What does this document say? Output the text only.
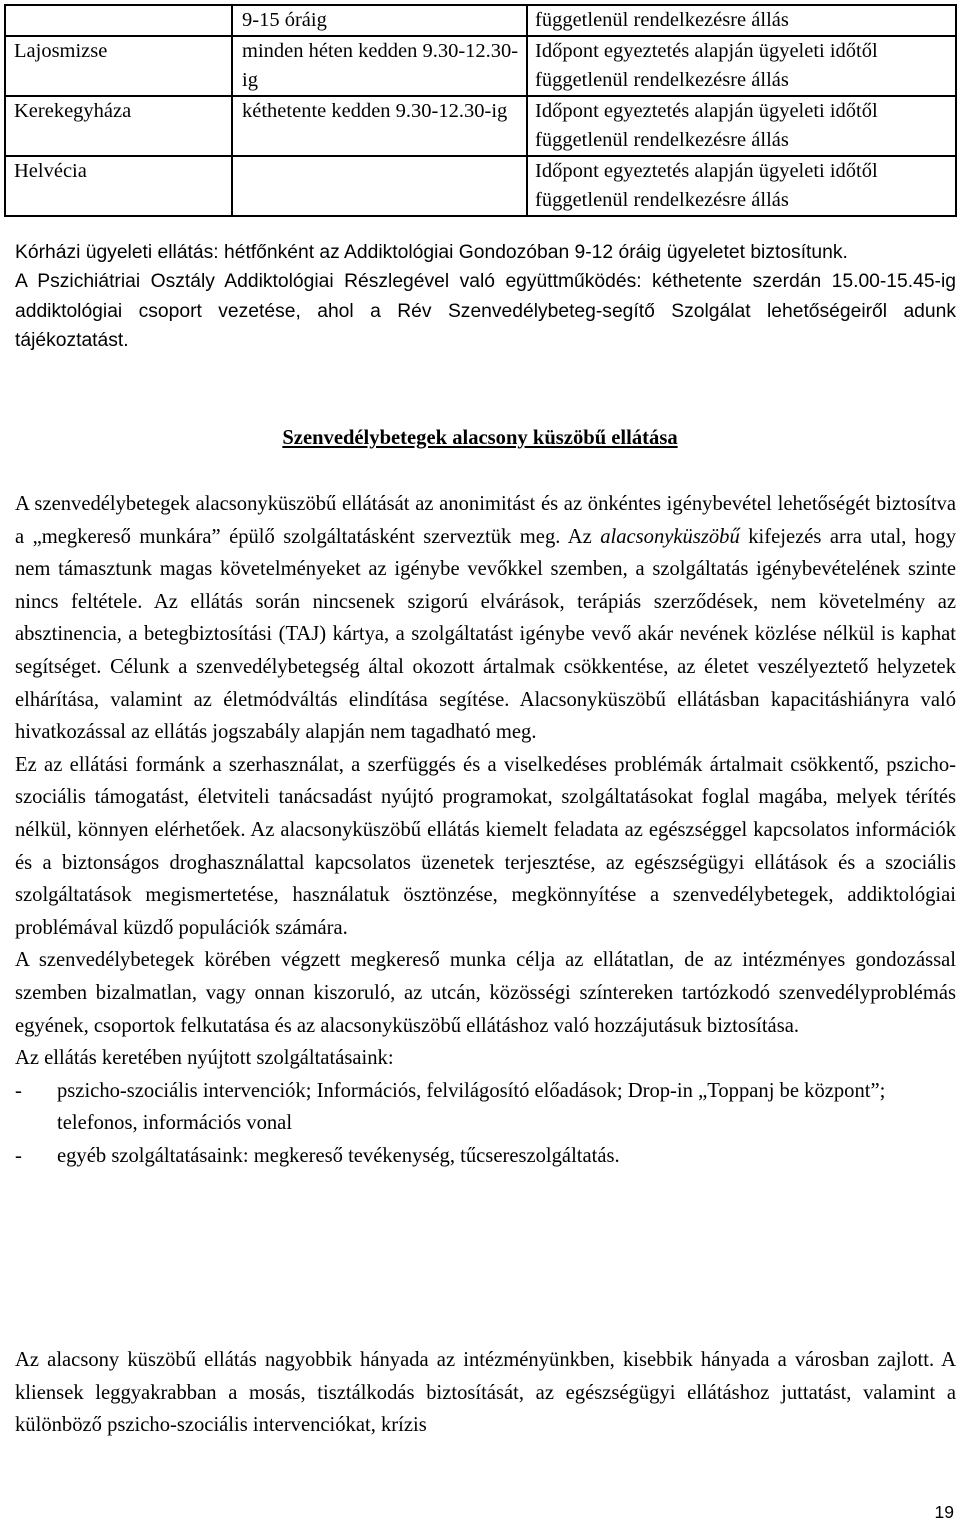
	9-15 óráig	függetlenül rendelkezésre állás
Lajosmizse	minden héten kedden 9.30-12.30-ig	Időpont egyeztetés alapján ügyeleti időtől függetlenül rendelkezésre állás
Kerekegyháza	kéthetente kedden 9.30-12.30-ig	Időpont egyeztetés alapján ügyeleti időtől függetlenül rendelkezésre állás
Helvécia		Időpont egyeztetés alapján ügyeleti időtől függetlenül rendelkezésre állás

Kórházi ügyeleti ellátás: hétfőnként az Addiktológiai Gondozóban 9-12 óráig ügyeletet biztosítunk.

A Pszichiátriai Osztály Addiktológiai Részlegével való együttműködés: kéthetente szerdán 15.00-15.45-ig addiktológiai csoport vezetése, ahol a Rév Szenvedélybeteg-segítő Szolgálat lehetőségeiről adunk tájékoztatást.

Szenvedélybetegek alacsony küszöbű ellátása

A szenvedélybetegek alacsonyküszöbű ellátását az anonimitást és az önkéntes igénybevétel lehetőségét biztosítva a „megkereső munkára” épülő szolgáltatásként szerveztük meg. Az alacsonyküszöbű kifejezés arra utal, hogy nem támasztunk magas követelményeket az igénybe vevőkkel szemben, a szolgáltatás igénybevételének szinte nincs feltétele. Az ellátás során nincsenek szigorú elvárások, terápiás szerződések, nem követelmény az absztinencia, a betegbiztosítási (TAJ) kártya, a szolgáltatást igénybe vevő akár nevének közlése nélkül is kaphat segítséget. Célunk a szenvedélybetegség által okozott ártalmak csökkentése, az életet veszélyeztető helyzetek elhárítása, valamint az életmódváltás elindítása segítése. Alacsonyküszöbű ellátásban kapacitáshiányra való hivatkozással az ellátás jogszabály alapján nem tagadható meg.

Ez az ellátási formánk a szerhasználat, a szerfüggés és a viselkedéses problémák ártalmait csökkentő, pszicho-szociális támogatást, életviteli tanácsadást nyújtó programokat, szolgáltatásokat foglal magába, melyek térítés nélkül, könnyen elérhetőek. Az alacsonyküszöbű ellátás kiemelt feladata az egészséggel kapcsolatos információk és a biztonságos droghasználattal kapcsolatos üzenetek terjesztése, az egészségügyi ellátások és a szociális szolgáltatások megismertetése, használatuk ösztönzése, megkönnyítése a szenvedélybetegek, addiktológiai problémával küzdő populációk számára.

A szenvedélybetegek körében végzett megkereső munka célja az ellátatlan, de az intézményes gondozással szemben bizalmatlan, vagy onnan kiszoruló, az utcán, közösségi színtereken tartózkodó szenvedélyproblémás egyének, csoportok felkutatása és az alacsonyküszöbű ellátáshoz való hozzájutásuk biztosítása.

Az ellátás keretében nyújtott szolgáltatásaink:

- pszicho-szociális intervenciók; Információs, felvilágosító előadások; Drop-in „Toppanj be központ”; telefonos, információs vonal
- egyéb szolgáltatásaink: megkereső tevékenység, tűcsereszolgáltatás.

Az alacsony küszöbű ellátás nagyobbik hányada az intézményünkben, kisebbik hányada a városban zajlott. A kliensek leggyakrabban a mosás, tisztálkodás biztosítását, az egészségügyi ellátáshoz juttatást, valamint a különböző pszicho-szociális intervenciókat, krízis

19
